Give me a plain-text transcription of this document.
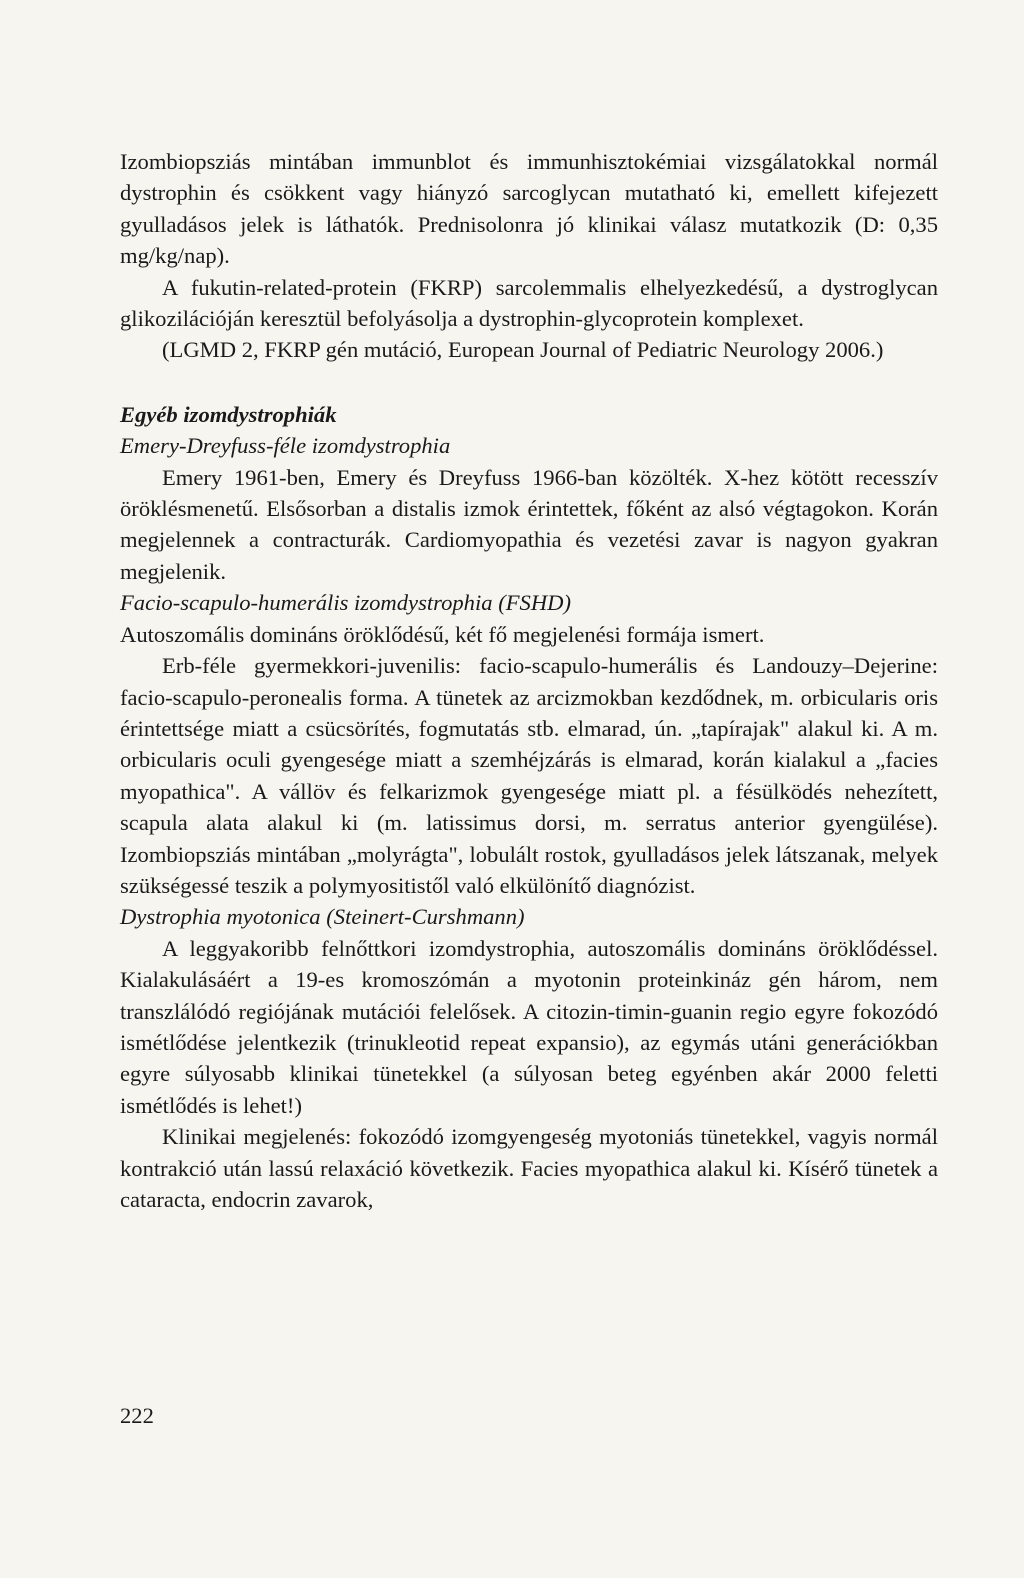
Izombiopsziás mintában immunblot és immunhisztokémiai vizsgálatokkal normál dystrophin és csökkent vagy hiányzó sarcoglycan mutatható ki, emellett kifejezett gyulladásos jelek is láthatók. Prednisolonra jó klinikai válasz mutatkozik (D: 0,35 mg/kg/nap).

A fukutin-related-protein (FKRP) sarcolemmalis elhelyezkedésű, a dystroglycan glikozilációján keresztül befolyásolja a dystrophin-glycoprotein komplexet.

(LGMD 2, FKRP gén mutáció, European Journal of Pediatric Neurology 2006.)

Egyéb izomdystrophiák

Emery-Dreyfuss-féle izomdystrophia

Emery 1961-ben, Emery és Dreyfuss 1966-ban közölték. X-hez kötött recesszív öröklésmenetű. Elsősorban a distalis izmok érintettek, főként az alsó végtagokon. Korán megjelennek a contracturák. Cardiomyopathia és vezetési zavar is nagyon gyakran megjelenik.

Facio-scapulo-humerális izomdystrophia (FSHD)

Autoszomális domináns öröklődésű, két fő megjelenési formája ismert.

Erb-féle gyermekkori-juvenilis: facio-scapulo-humerális és Landouzy–Dejerine: facio-scapulo-peronealis forma. A tünetek az arcizmokban kezdődnek, m. orbicularis oris érintettsége miatt a csücsörítés, fogmutatás stb. elmarad, ún. „tapírajak" alakul ki. A m. orbicularis oculi gyengesége miatt a szemhéjzárás is elmarad, korán kialakul a „facies myopathica". A vállöv és felkarizmok gyengesége miatt pl. a fésülködés nehezített, scapula alata alakul ki (m. latissimus dorsi, m. serratus anterior gyengülése). Izombiopsziás mintában „molyrágta", lobulált rostok, gyulladásos jelek látszanak, melyek szükségessé teszik a polymyositistől való elkülönítő diagnózist.

Dystrophia myotonica (Steinert-Curshmann)

A leggyakoribb felnőttkori izomdystrophia, autoszomális domináns öröklődéssel. Kialakulásáért a 19-es kromoszómán a myotonin proteinkináz gén három, nem transzlálódó regiójának mutációi felelősek. A citozin-timin-guanin regio egyre fokozódó ismétlődése jelentkezik (trinukleotid repeat expansio), az egymás utáni generációkban egyre súlyosabb klinikai tünetekkel (a súlyosan beteg egyénben akár 2000 feletti ismétlődés is lehet!)

Klinikai megjelenés: fokozódó izomgyengeség myotoniás tünetekkel, vagyis normál kontrakció után lassú relaxáció következik. Facies myopathica alakul ki. Kísérő tünetek a cataracta, endocrin zavarok,

222
